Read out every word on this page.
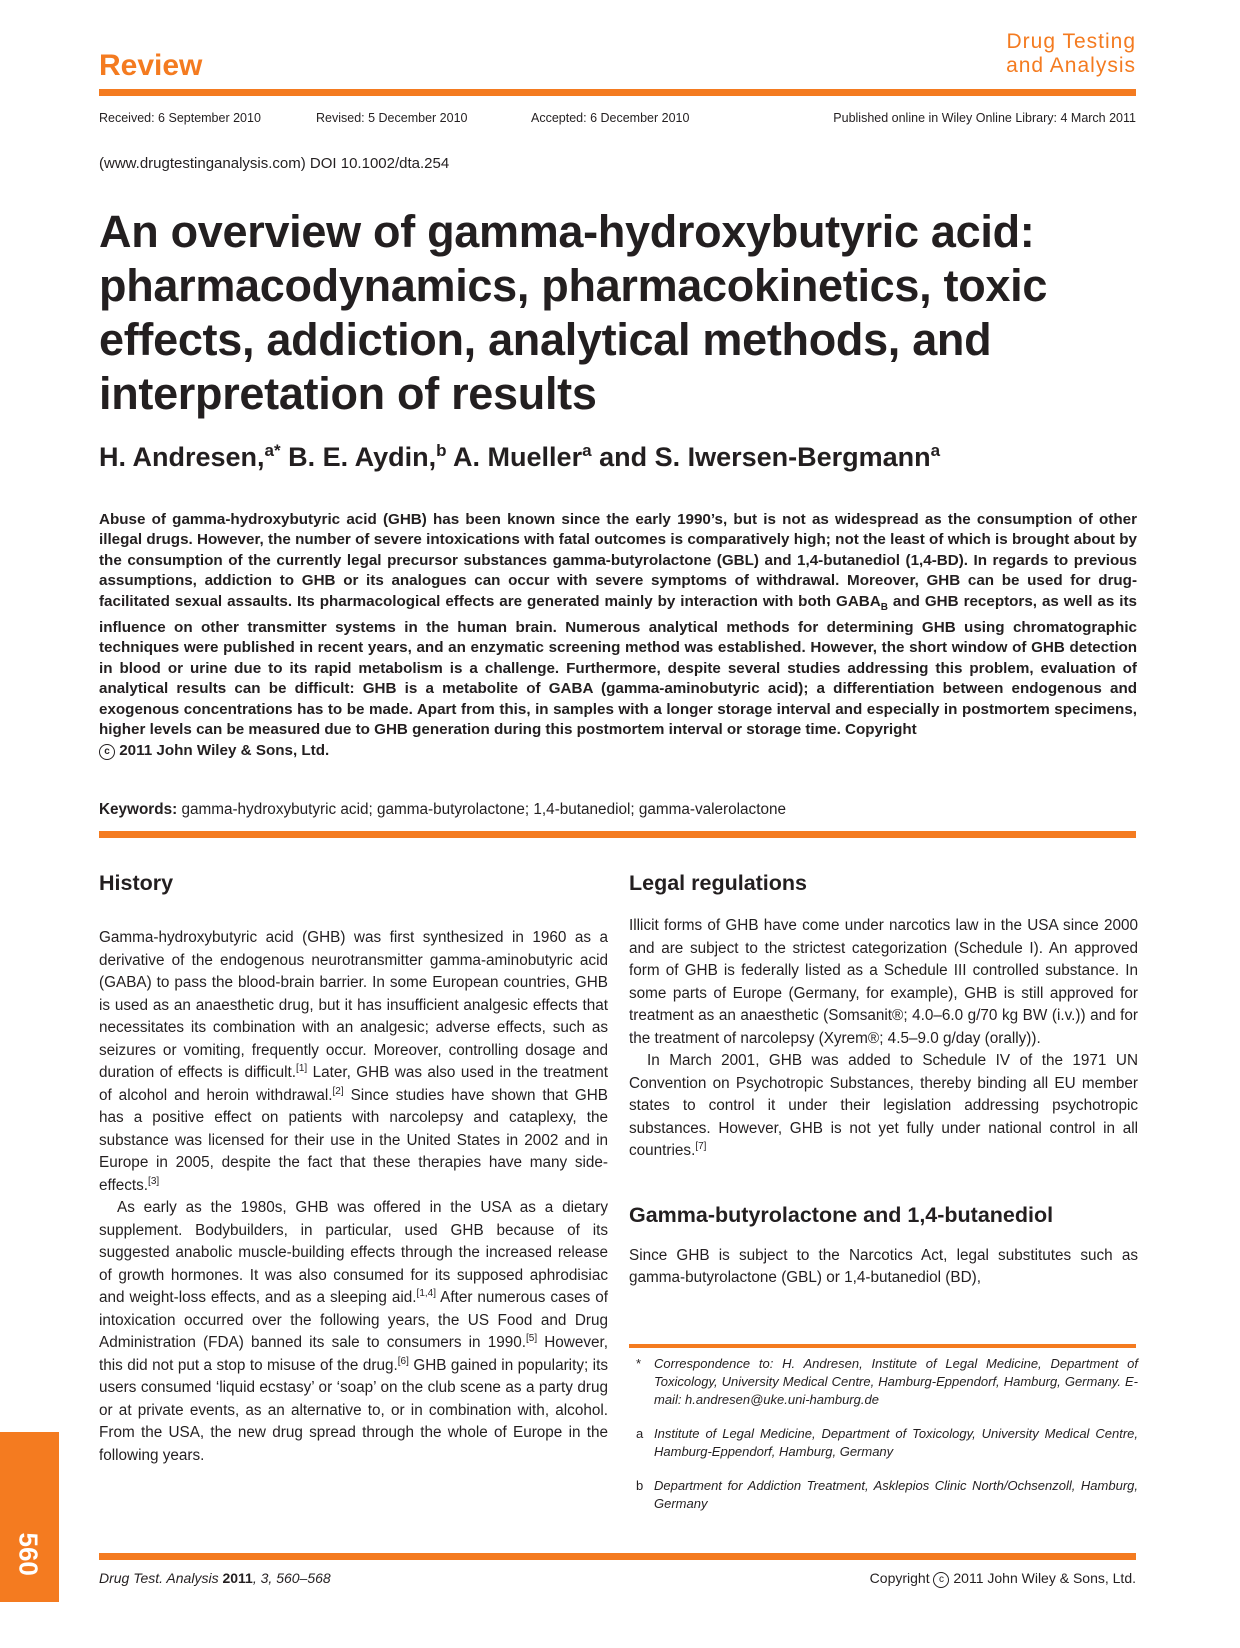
Review
Drug Testing
and Analysis
Received: 6 September 2010	Revised: 5 December 2010	Accepted: 6 December 2010	Published online in Wiley Online Library: 4 March 2011
(www.drugtestinganalysis.com) DOI 10.1002/dta.254
An overview of gamma-hydroxybutyric acid: pharmacodynamics, pharmacokinetics, toxic effects, addiction, analytical methods, and interpretation of results
H. Andresen,$^{a*}$ B. E. Aydin,$^b$ A. Mueller$^a$ and S. Iwersen-Bergmann$^a$

Abuse of gamma-hydroxybutyric acid (GHB) has been known since the early 1990’s, but is not as widespread as the consumption of other illegal drugs. However, the number of severe intoxications with fatal outcomes is comparatively high; not the least of which is brought about by the consumption of the currently legal precursor substances gamma-butyrolactone (GBL) and 1,4-butanediol (1,4-BD). In regards to previous assumptions, addiction to GHB or its analogues can occur with severe symptoms of withdrawal. Moreover, GHB can be used for drug-facilitated sexual assaults. Its pharmacological effects are generated mainly by interaction with both $GABA_B$ and GHB receptors, as well as its influence on other transmitter systems in the human brain. Numerous analytical methods for determining GHB using chromatographic techniques were published in recent years, and an enzymatic screening method was established. However, the short window of GHB detection in blood or urine due to its rapid metabolism is a challenge. Furthermore, despite several studies addressing this problem, evaluation of analytical results can be difficult: GHB is a metabolite of GABA (gamma-aminobutyric acid); a differentiation between endogenous and exogenous concentrations has to be made. Apart from this, in samples with a longer storage interval and especially in postmortem specimens, higher levels can be measured due to GHB generation during this postmortem interval or storage time. Copyright
c 2011 John Wiley & Sons, Ltd.

Keywords: gamma-hydroxybutyric acid; gamma-butyrolactone; 1,4-butanediol; gamma-valerolactone
History

Gamma-hydroxybutyric acid (GHB) was first synthesized in 1960 as a derivative of the endogenous neurotransmitter gamma-aminobutyric acid (GABA) to pass the blood-brain barrier. In some European countries, GHB is used as an anaesthetic drug, but it has insufficient analgesic effects that necessitates its combination with an analgesic; adverse effects, such as seizures or vomiting, frequently occur. Moreover, controlling dosage and duration of effects is difficult.[1] Later, GHB was also used in the treatment of alcohol and heroin withdrawal.[2] Since studies have shown that GHB has a positive effect on patients with narcolepsy and cataplexy, the substance was licensed for their use in the United States in 2002 and in Europe in 2005, despite the fact that these therapies have many side-effects.[3]

As early as the 1980s, GHB was offered in the USA as a dietary supplement. Bodybuilders, in particular, used GHB because of its suggested anabolic muscle-building effects through the increased release of growth hormones. It was also consumed for its supposed aphrodisiac and weight-loss effects, and as a sleeping aid.[1,4] After numerous cases of intoxication occurred over the following years, the US Food and Drug Administration (FDA) banned its sale to consumers in 1990.[5] However, this did not put a stop to misuse of the drug.[6] GHB gained in popularity; its users consumed ‘liquid ecstasy’ or ‘soap’ on the club scene as a party drug or at private events, as an alternative to, or in combination with, alcohol. From the USA, the new drug spread through the whole of Europe in the following years.

Legal regulations

Illicit forms of GHB have come under narcotics law in the USA since 2000 and are subject to the strictest categorization (Schedule I). An approved form of GHB is federally listed as a Schedule III controlled substance. In some parts of Europe (Germany, for example), GHB is still approved for treatment as an anaesthetic (Somsanit®; 4.0–6.0 g/70 kg BW (i.v.)) and for the treatment of narcolepsy (Xyrem®; 4.5–9.0 g/day (orally)).

In March 2001, GHB was added to Schedule IV of the 1971 UN Convention on Psychotropic Substances, thereby binding all EU member states to control it under their legislation addressing psychotropic substances. However, GHB is not yet fully under national control in all countries.[7]

Gamma-butyrolactone and 1,4-butanediol

Since GHB is subject to the Narcotics Act, legal substitutes such as gamma-butyrolactone (GBL) or 1,4-butanediol (BD),

* Correspondence to: H. Andresen, Institute of Legal Medicine, Department of Toxicology, University Medical Centre, Hamburg-Eppendorf, Hamburg, Germany. E-mail: h.andresen@uke.uni-hamburg.de
a Institute of Legal Medicine, Department of Toxicology, University Medical Centre, Hamburg-Eppendorf, Hamburg, Germany
b Department for Addiction Treatment, Asklepios Clinic North/Ochsenzoll, Hamburg, Germany
560
Drug Test. Analysis 2011, 3, 560–568	Copyright c 2011 John Wiley & Sons, Ltd.
